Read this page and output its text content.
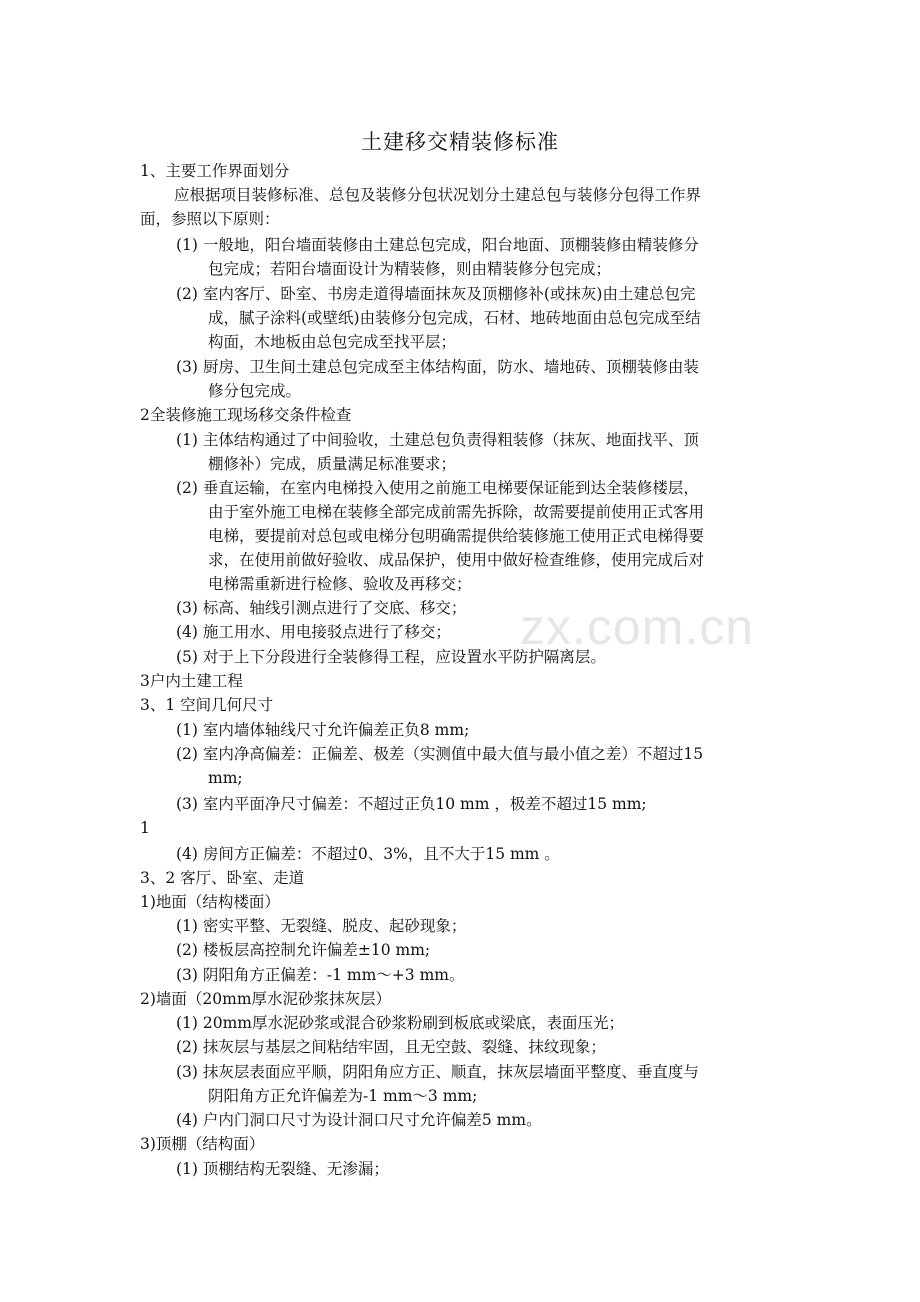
zx.com.cn
土建移交精装修标准
1、主要工作界面划分
应根据项目装修标准、总包及装修分包状况划分土建总包与装修分包得工作界
面，参照以下原则：
(1) 一般地，阳台墙面装修由土建总包完成，阳台地面、顶棚装修由精装修分
包完成；若阳台墙面设计为精装修，则由精装修分包完成；
(2) 室内客厅、卧室、书房走道得墙面抹灰及顶棚修补(或抹灰)由土建总包完
成，腻子涂料(或壁纸)由装修分包完成，石材、地砖地面由总包完成至结
构面，木地板由总包完成至找平层；
(3) 厨房、卫生间土建总包完成至主体结构面，防水、墙地砖、顶棚装修由装
修分包完成。
2全装修施工现场移交条件检查
(1) 主体结构通过了中间验收，土建总包负责得粗装修（抹灰、地面找平、顶
棚修补）完成，质量满足标准要求；
(2) 垂直运输，在室内电梯投入使用之前施工电梯要保证能到达全装修楼层，
由于室外施工电梯在装修全部完成前需先拆除，故需要提前使用正式客用
电梯，要提前对总包或电梯分包明确需提供给装修施工使用正式电梯得要
求，在使用前做好验收、成品保护，使用中做好检查维修，使用完成后对
电梯需重新进行检修、验收及再移交；
(3) 标高、轴线引测点进行了交底、移交；
(4) 施工用水、用电接驳点进行了移交；
(5) 对于上下分段进行全装修得工程，应设置水平防护隔离层。
3户内土建工程
3、1 空间几何尺寸
(1) 室内墙体轴线尺寸允许偏差正负8 mm;
(2) 室内净高偏差：正偏差、极差（实测值中最大值与最小值之差）不超过15
mm;
(3) 室内平面净尺寸偏差：不超过正负10 mm ，极差不超过15 mm;
1
(4) 房间方正偏差：不超过0、3%，且不大于15 mm 。
3、2 客厅、卧室、走道
1)地面（结构楼面）
(1) 密实平整、无裂缝、脱皮、起砂现象；
(2) 楼板层高控制允许偏差±10 mm;
(3) 阴阳角方正偏差：-1 mm～+3 mm。
2)墙面（20mm厚水泥砂浆抹灰层）
(1) 20mm厚水泥砂浆或混合砂浆粉刷到板底或梁底，表面压光；
(2) 抹灰层与基层之间粘结牢固，且无空鼓、裂缝、抹纹现象；
(3) 抹灰层表面应平顺，阴阳角应方正、顺直，抹灰层墙面平整度、垂直度与
阴阳角方正允许偏差为-1 mm～3 mm;
(4) 户内门洞口尺寸为设计洞口尺寸允许偏差5 mm。
3)顶棚（结构面）
(1) 顶棚结构无裂缝、无渗漏；
